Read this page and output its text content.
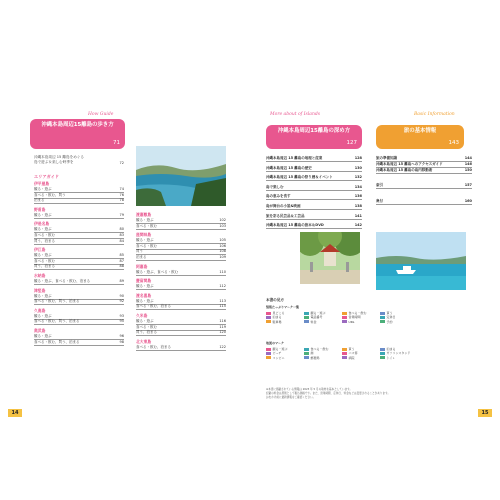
How Guide
沖縄本島周辺15離島の歩き方
71
沖縄本島周辺 15 離島をめぐる
島で遊ぶ＆楽しむ時季を	72
エリアガイド
伊平屋島
観る・遊ぶ	74
食べる・飲む、買う	76
泊まる	78
野甫島
観る・遊ぶ	79
伊是名島
観る・遊ぶ	80
食べる・飲む	83
買う、泊まる	84
伊江島
観る・遊ぶ	85
食べる・飲む	87
買う、泊まる	88
水納島
観る・遊ぶ、食べる・飲む、泊まる	89
津堅島
観る・遊ぶ	90
食べる・飲む、買う、泊まる	92
久高島
観る・遊ぶ	93
食べる・飲む、買う、泊まる	95
奥武島
観る・遊ぶ	96
食べる・飲む、買う、泊まる	98
渡嘉敷島
観る・遊ぶ	102
食べる・飲む	103
座間味島
観る・遊ぶ	105
食べる・飲む	106
買う	108
泊まる	109
阿嘉島
観る・遊ぶ、食べる・飲む	110
慶留間島
観る・遊ぶ	112
渡名喜島
観る・遊ぶ	113
食べる・飲む、泊まる	115
久米島
観る・遊ぶ	116
食べる・飲む	119
買う、泊まる	120
北大東島
食べる・飲む、泊まる	122
14
More about of Islands
沖縄本島周辺15離島の深め方
127
Basic Information
旅の基本情報
143
沖縄本島周辺 15 離島の地理と産業	128
沖縄本島周辺 15 離島の歴史	130
沖縄本島周辺 15 離島の祭り暦＆イベント	132
島で楽しむ	134
島の恵みを食す	136
島が舞台の小説&映画	138
旅を彩る民芸品＆工芸品	141
沖縄本島周辺 15 離島の旅本＆DVD	142
旅の準備知識	144
沖縄本島周辺 15 離島へのアクセスガイド	146
沖縄本島周辺 15 離島の島内移動術	150
索引	157
奥付	160
本書の見方
情報たっぷりマーク一覧
見どころ	観る・遊ぶ	食べる・飲む	買う
泊まる	電話番号	営業時間	定休日
駐車場	料金	URL	予約
地図のマーク
観る・遊ぶ	食べる・飲む	買う	泊まる
ビーチ	港	バス停	ガソリンスタンド
コンビニ	郵便局	病院	トイレ
※本書に掲載されている情報は 2023 年 5 月の取材を基本としています。
記載の料金は原則として税込価格です。また、営業時間、定休日、料金などは変更されることがあります。
お出かけ前に最新情報をご確認ください。
15
